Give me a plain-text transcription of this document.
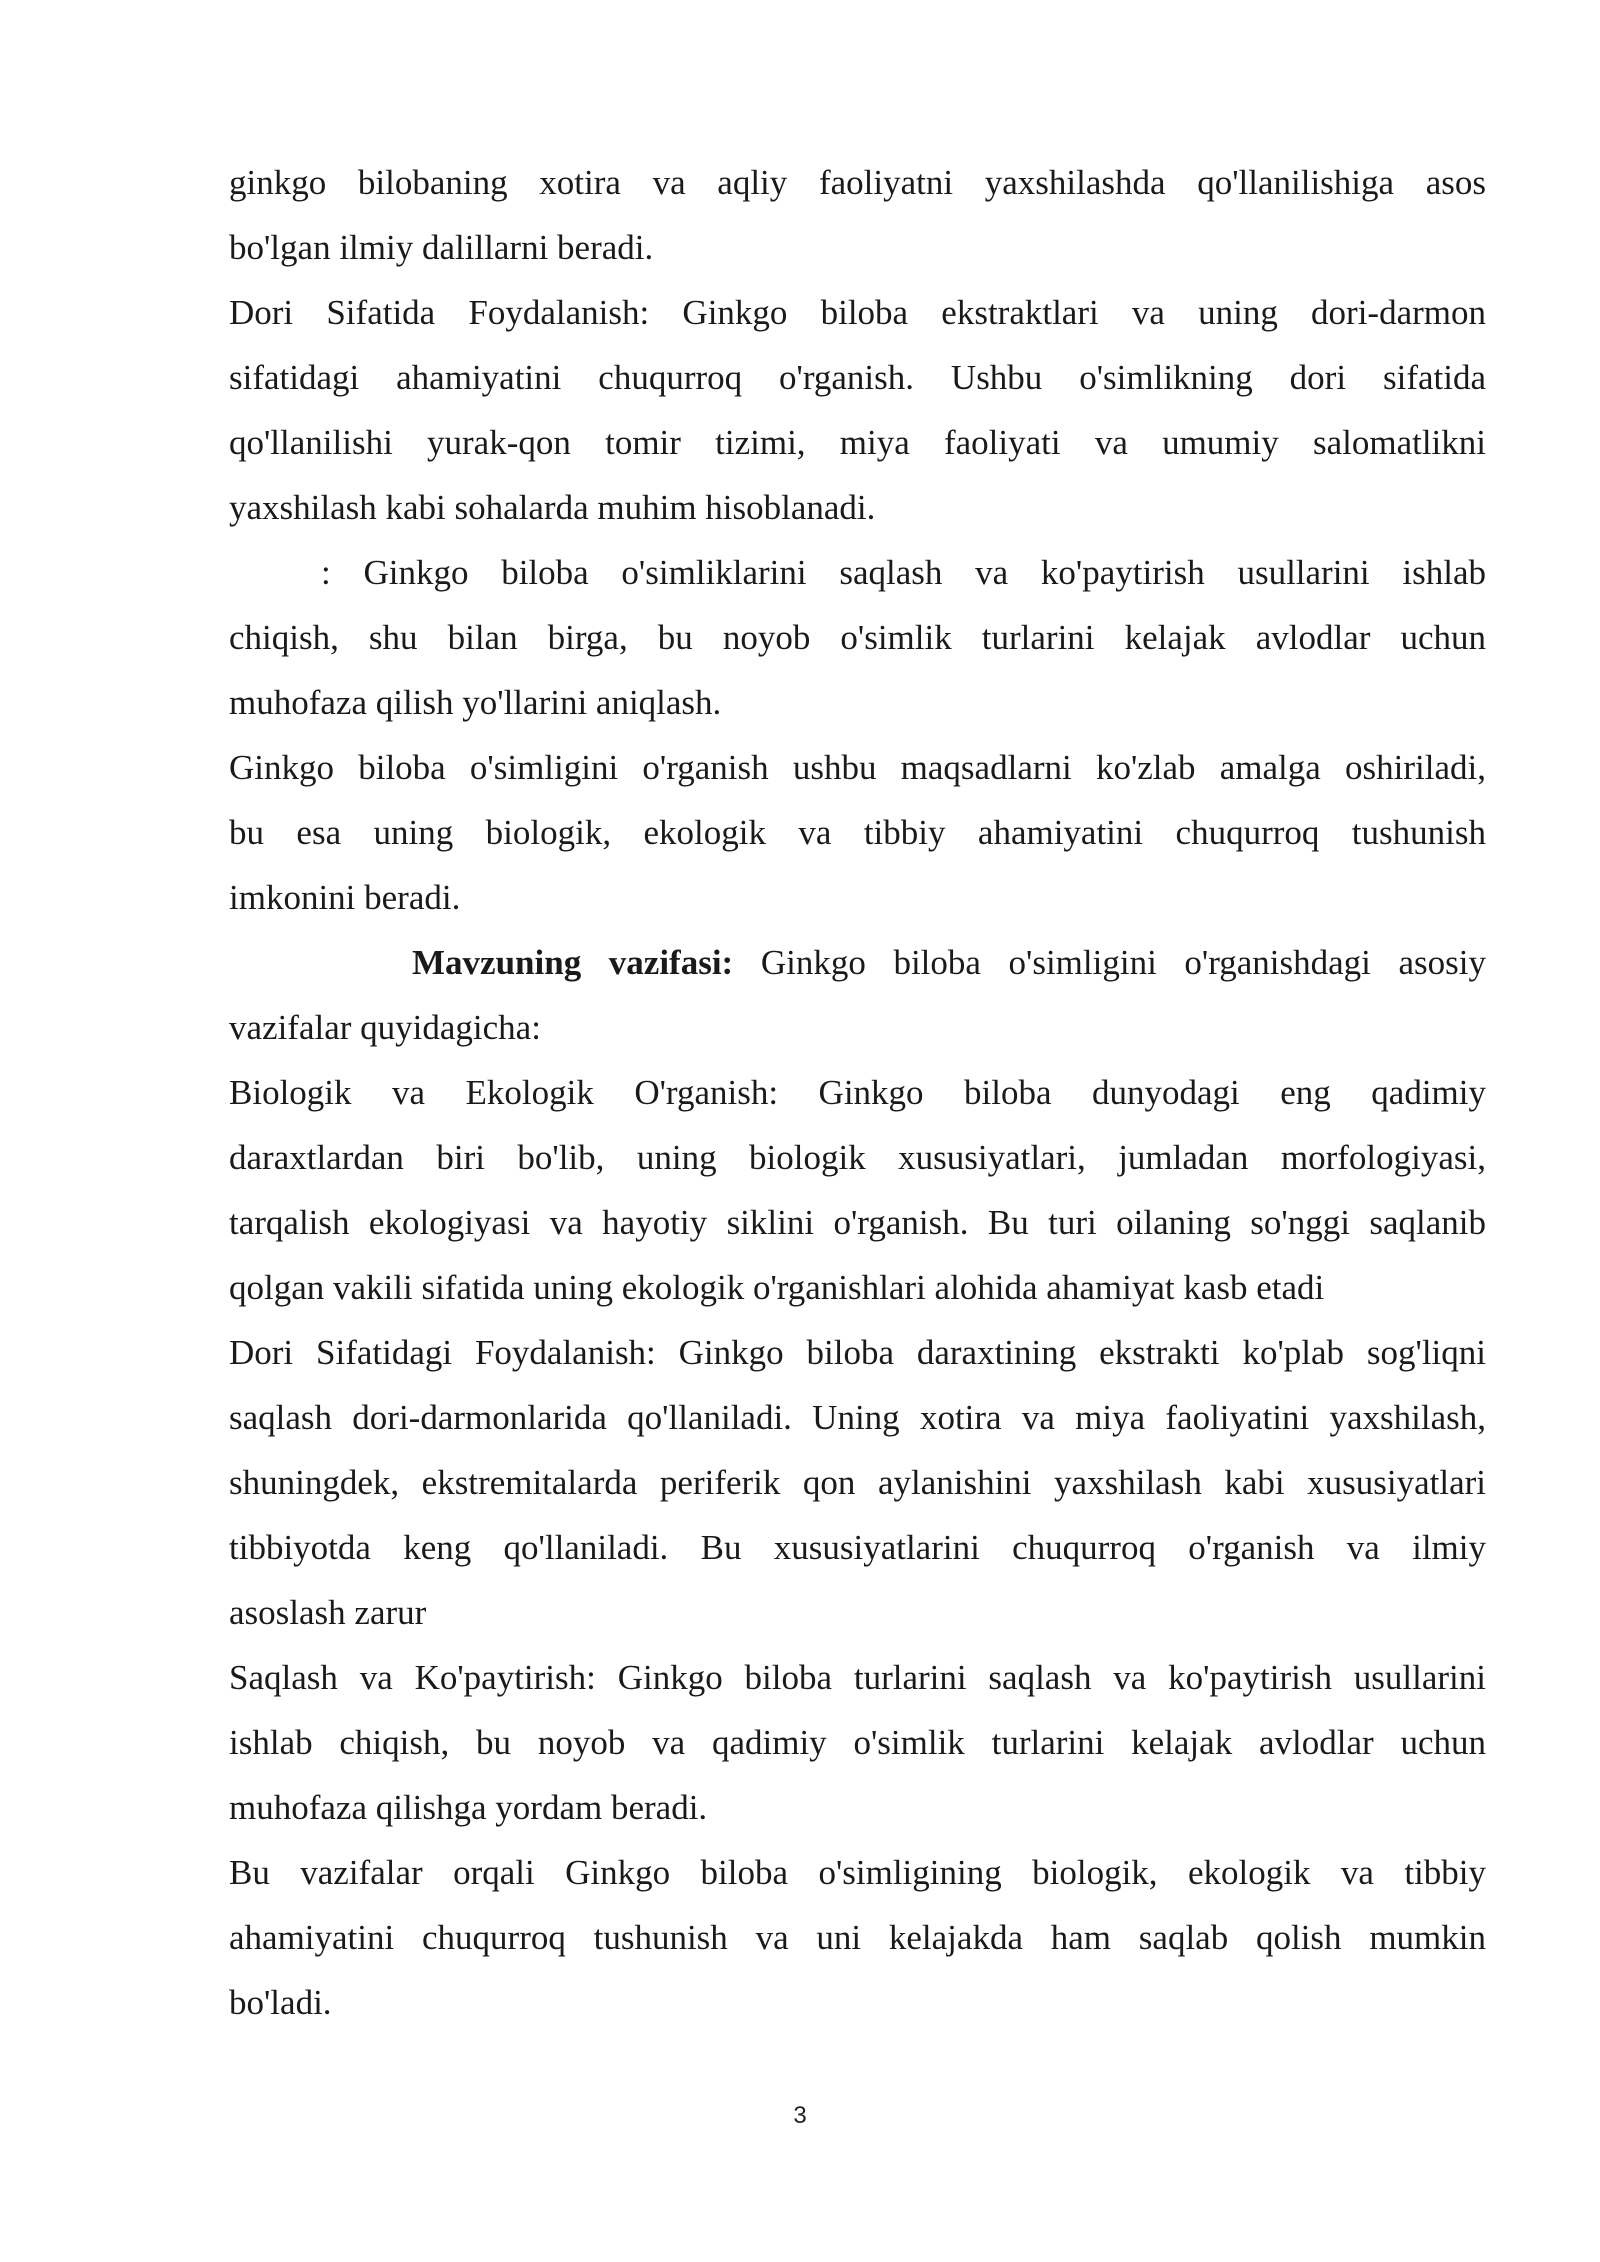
ginkgo bilobaning xotira va aqliy faoliyatni yaxshilashda qo'llanilishiga asos
bo'lgan ilmiy dalillarni beradi.
Dori Sifatida Foydalanish: Ginkgo biloba ekstraktlari va uning dori-darmon
sifatidagi ahamiyatini chuqurroq o'rganish. Ushbu o'simlikning dori sifatida
qo'llanilishi yurak-qon tomir tizimi, miya faoliyati va umumiy salomatlikni
yaxshilash kabi sohalarda muhim hisoblanadi.
: Ginkgo biloba o'simliklarini saqlash va ko'paytirish usullarini ishlab
chiqish, shu bilan birga, bu noyob o'simlik turlarini kelajak avlodlar uchun
muhofaza qilish yo'llarini aniqlash.
Ginkgo biloba o'simligini o'rganish ushbu maqsadlarni ko'zlab amalga oshiriladi,
bu esa uning biologik, ekologik va tibbiy ahamiyatini chuqurroq tushunish
imkonini beradi.
Mavzuning vazifasi: Ginkgo biloba o'simligini o'rganishdagi asosiy
vazifalar quyidagicha:
Biologik va Ekologik O'rganish: Ginkgo biloba dunyodagi eng qadimiy
daraxtlardan biri bo'lib, uning biologik xususiyatlari, jumladan morfologiyasi,
tarqalish ekologiyasi va hayotiy siklini o'rganish. Bu turi oilaning so'nggi saqlanib
qolgan vakili sifatida uning ekologik o'rganishlari alohida ahamiyat kasb etadi
Dori Sifatidagi Foydalanish: Ginkgo biloba daraxtining ekstrakti ko'plab sog'liqni
saqlash dori-darmonlarida qo'llaniladi. Uning xotira va miya faoliyatini yaxshilash,
shuningdek, ekstremitalarda periferik qon aylanishini yaxshilash kabi xususiyatlari
tibbiyotda keng qo'llaniladi. Bu xususiyatlarini chuqurroq o'rganish va ilmiy
asoslash zarur
Saqlash va Ko'paytirish: Ginkgo biloba turlarini saqlash va ko'paytirish usullarini
ishlab chiqish, bu noyob va qadimiy o'simlik turlarini kelajak avlodlar uchun
muhofaza qilishga yordam beradi.
Bu vazifalar orqali Ginkgo biloba o'simligining biologik, ekologik va tibbiy
ahamiyatini chuqurroq tushunish va uni kelajakda ham saqlab qolish mumkin
bo'ladi.
3
